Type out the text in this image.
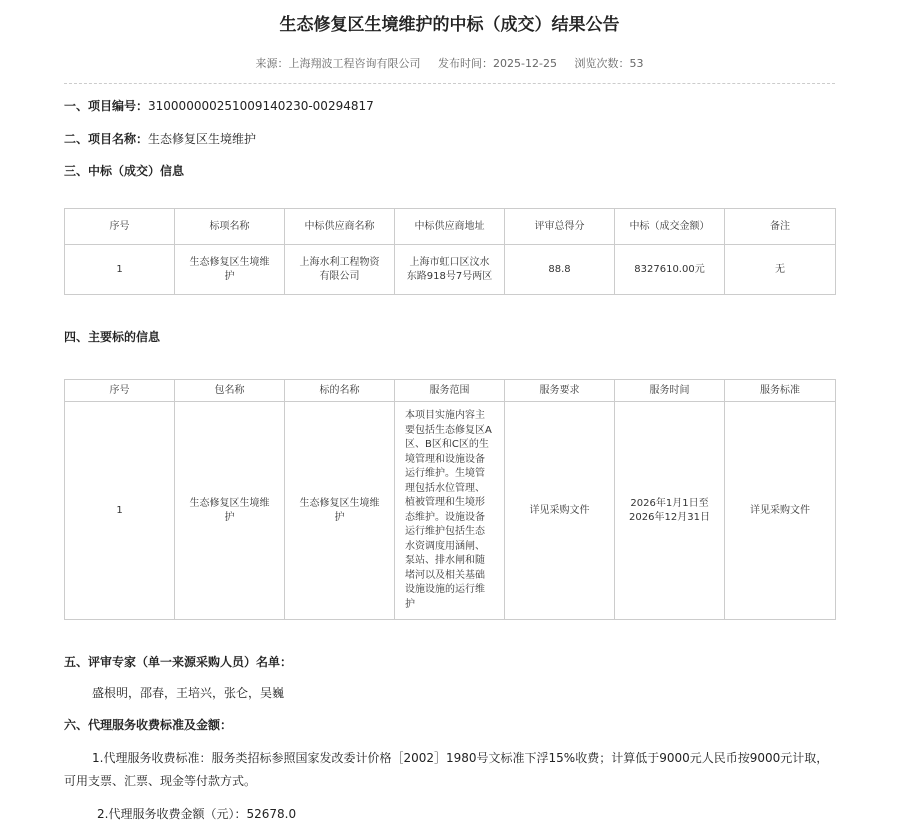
生态修复区生境维护的中标（成交）结果公告
来源：上海翔波工程咨询有限公司 发布时间：2025-12-25 浏览次数：53
一、项目编号：310000000251009140230-00294817
二、项目名称：生态修复区生境维护
三、中标（成交）信息
序号	标项名称	中标供应商名称	中标供应商地址	评审总得分	中标（成交金额）	备注
1	生态修复区生境维护	上海水利工程物资有限公司	上海市虹口区汶水东路918号7号两区	88.8	8327610.00元	无
四、主要标的信息
序号	包名称	标的名称	服务范围	服务要求	服务时间	服务标准
1	生态修复区生境维护	生态修复区生境维护	本项目实施内容主要包括生态修复区A区、B区和C区的生境管理和设施设备运行维护。生境管理包括水位管理、植被管理和生境形态维护。设施设备运行维护包括生态水资调度用涵闸、泵站、排水闸和随堵河以及相关基础设施设施的运行维护	详见采购文件	2026年1月1日至2026年12月31日	详见采购文件
五、评审专家（单一来源采购人员）名单：
盛根明，邵春，王培兴，张仑，吴巍
六、代理服务收费标准及金额：
1.代理服务收费标准：服务类招标参照国家发改委计价格［2002］1980号文标准下浮15%收费；计算低于9000元人民币按9000元计取，可用支票、汇票、现金等付款方式。
2.代理服务收费金额（元）：52678.0
